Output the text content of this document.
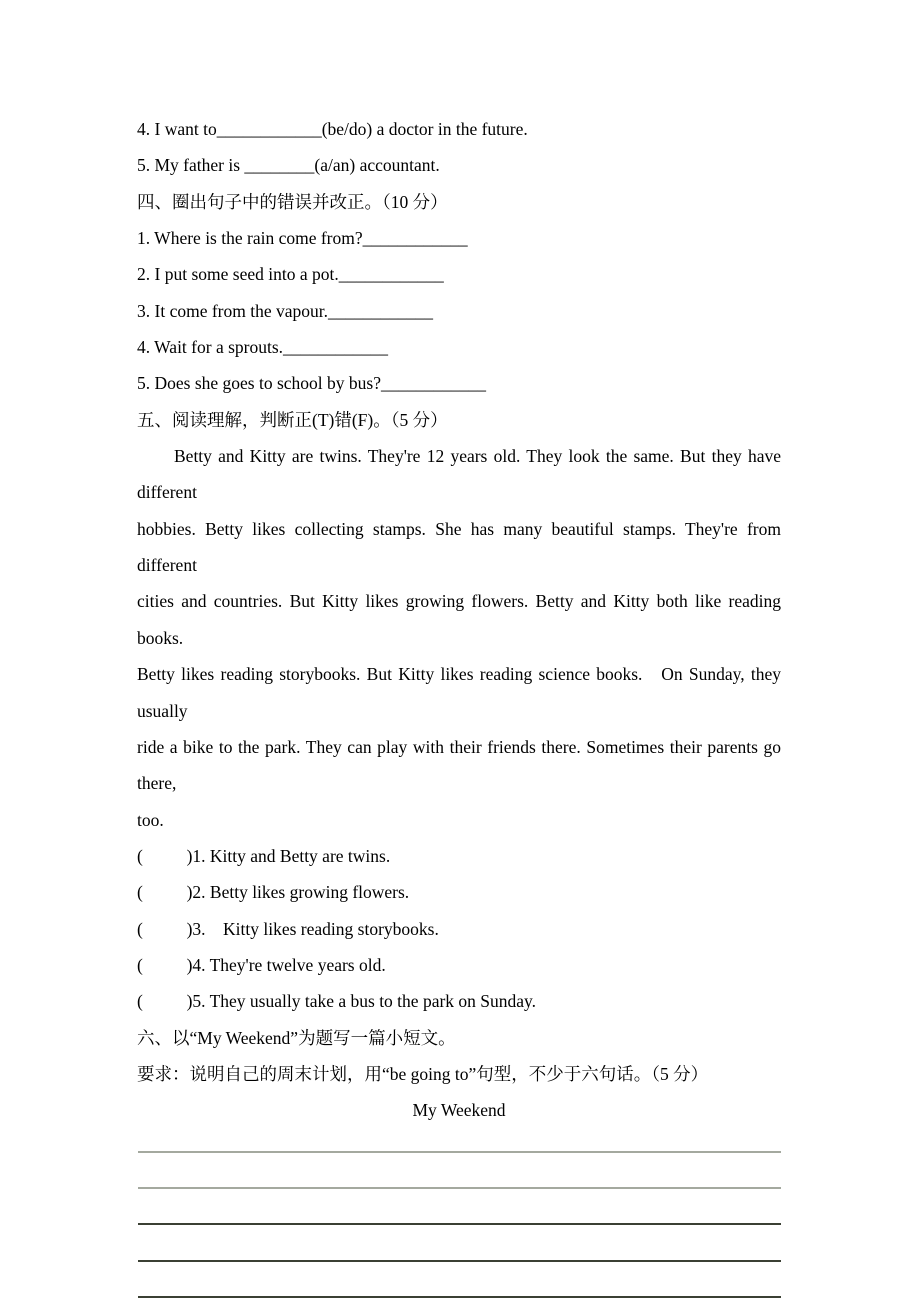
4. I want to____________(be/do) a doctor in the future.
5. My father is ________(a/an) accountant.
四、圈出句子中的错误并改正。（10 分）
1. Where is the rain come from?____________
2. I put some seed into a pot.____________
3. It come from the vapour.____________
4. Wait for a sprouts.____________
5. Does she goes to school by bus?____________
五、阅读理解，判断正(T)错(F)。（5 分）
Betty and Kitty are twins. They're 12 years old. They look the same. But they have different
hobbies. Betty likes collecting stamps. She has many beautiful stamps. They're from different
cities and countries. But Kitty likes growing flowers. Betty and Kitty both like reading books.
Betty likes reading storybooks. But Kitty likes reading science books.   On Sunday, they usually
ride a bike to the park. They can play with their friends there. Sometimes their parents go there,
too.
(          )1. Kitty and Betty are twins.
(          )2. Betty likes growing flowers.
(          )3.    Kitty likes reading storybooks.
(          )4. They're twelve years old.
(          )5. They usually take a bus to the park on Sunday.
六、以“My Weekend”为题写一篇小短文。
要求：说明自己的周末计划，用“be going to”句型，不少于六句话。（5 分）
My Weekend
